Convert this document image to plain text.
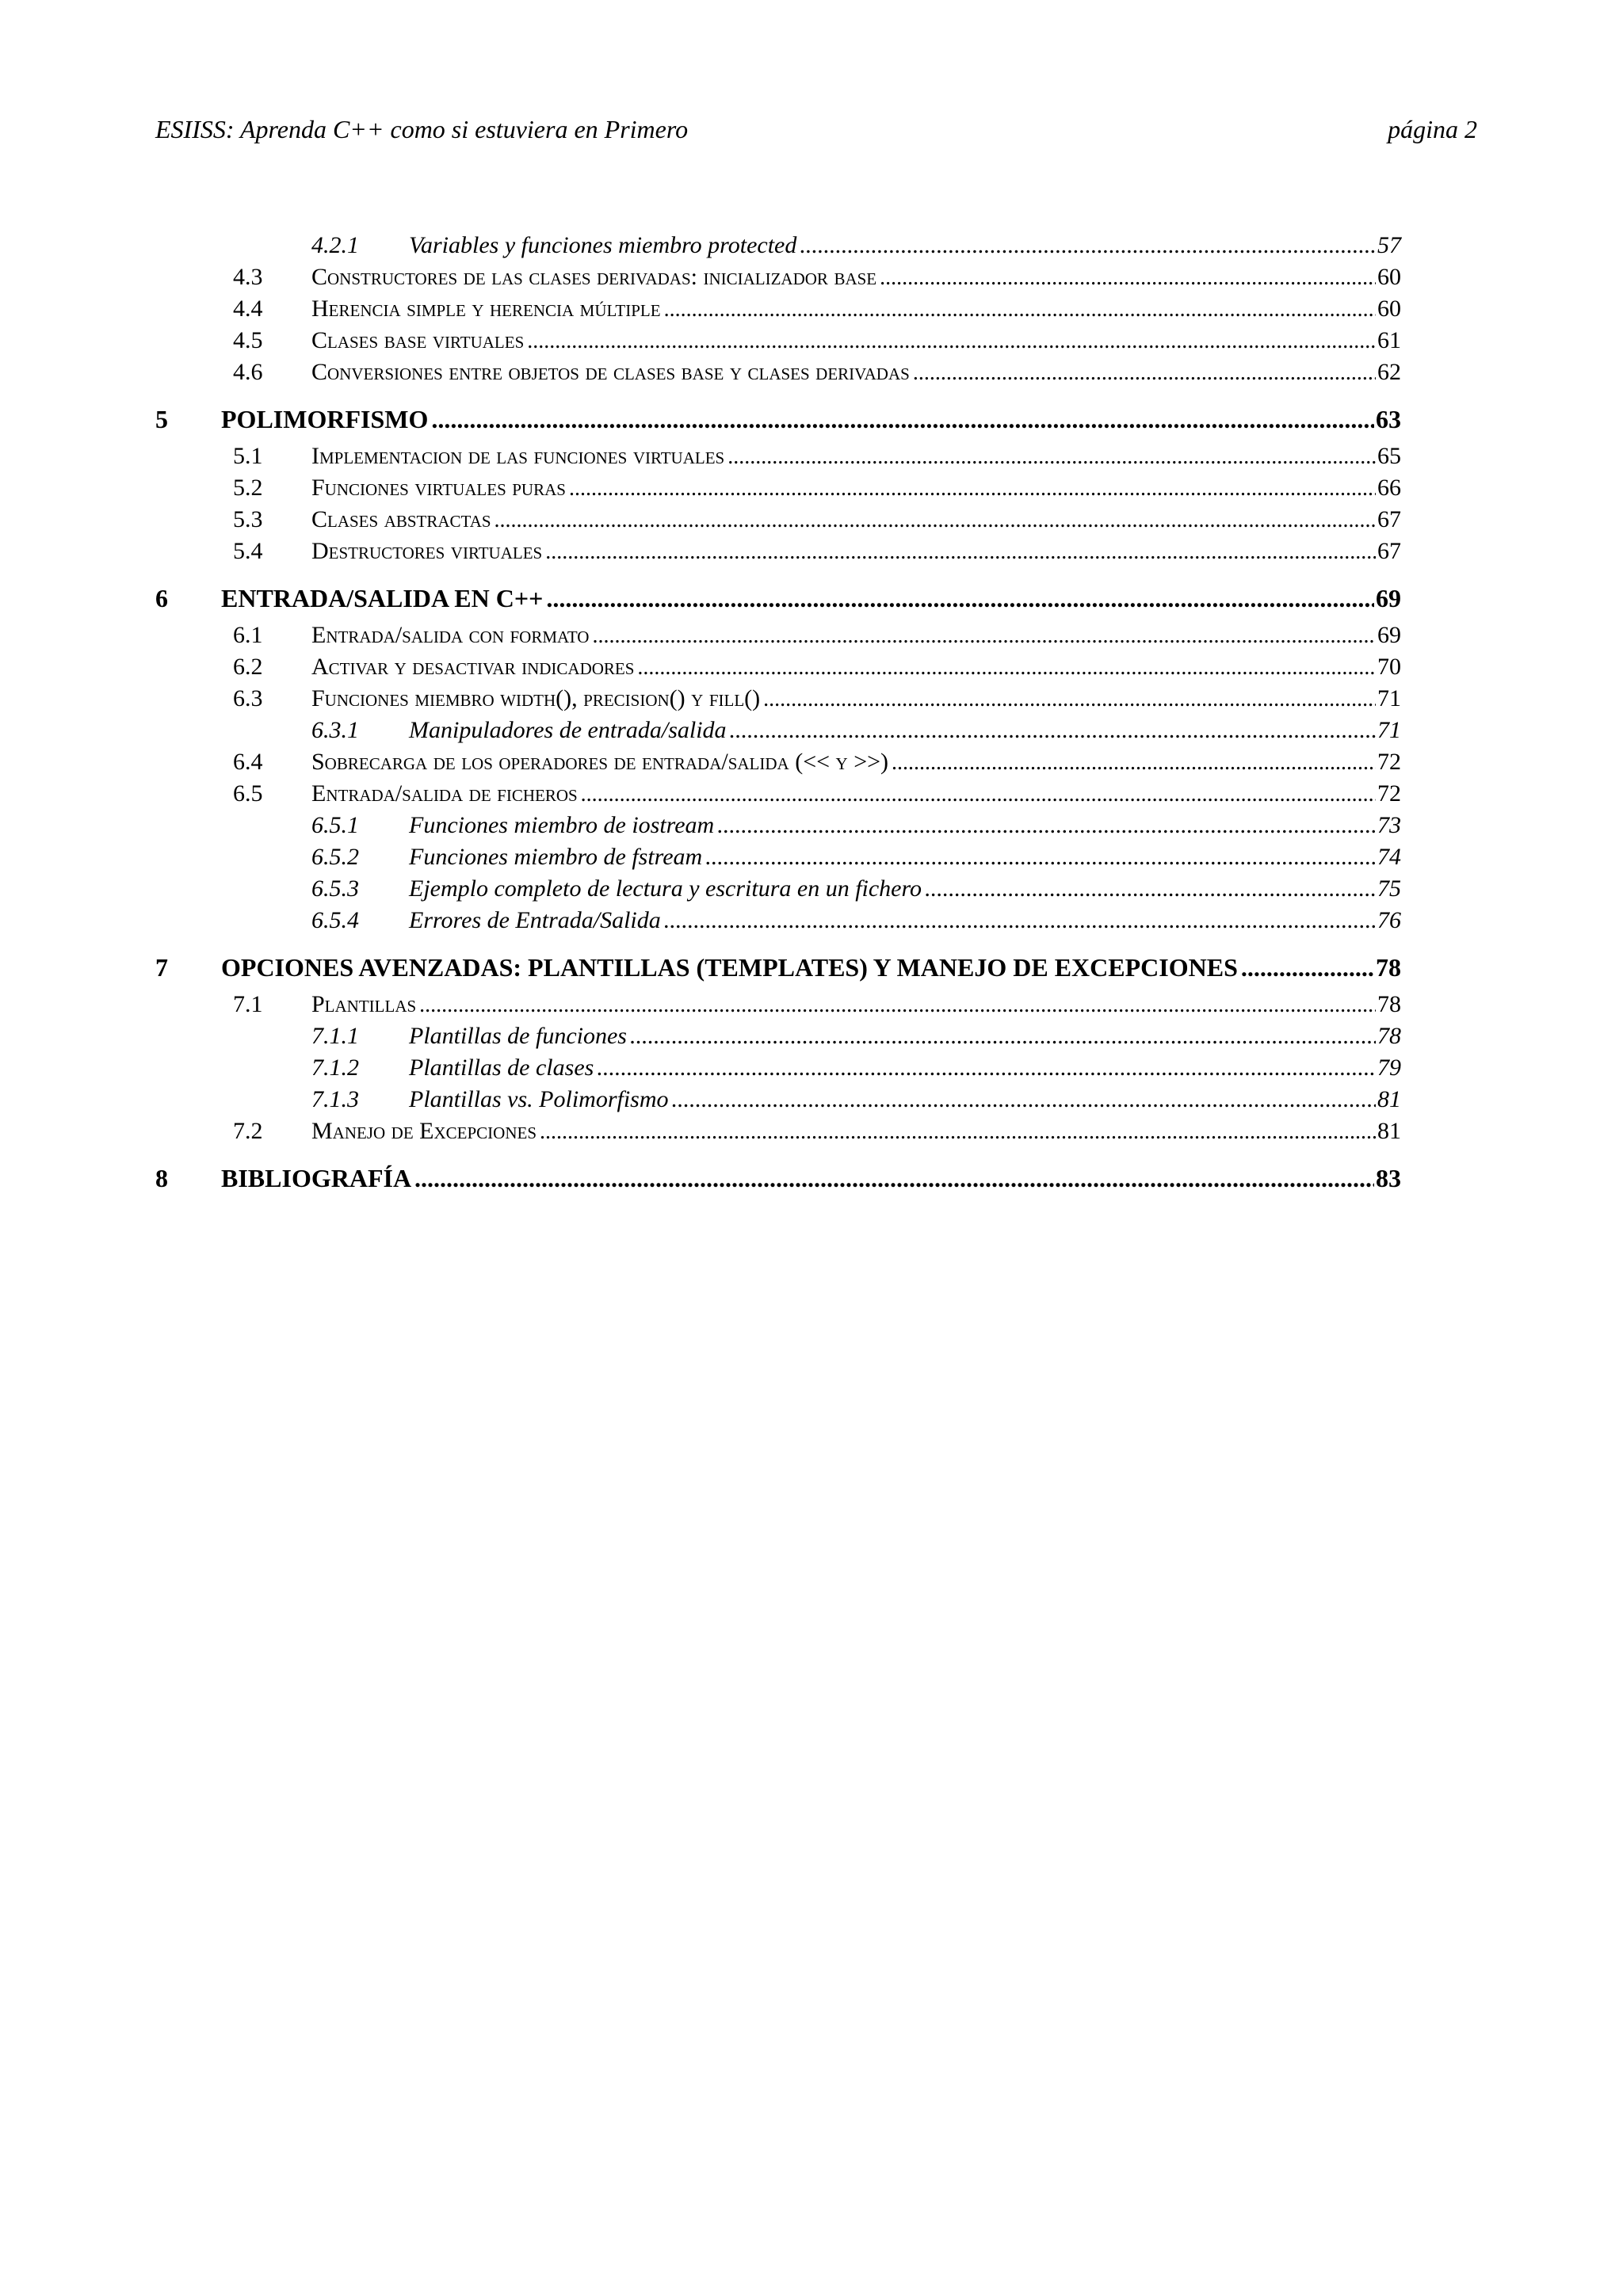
ESIISS: Aprenda C++ como si estuviera en Primero	página 2
4.2.1 Variables y funciones miembro protected .....	57
4.3 Constructores de las clases derivadas: inicializador base .....	60
4.4 Herencia simple y herencia múltiple .....	60
4.5 Clases base virtuales .....	61
4.6 Conversiones entre objetos de clases base y clases derivadas .....	62
5 POLIMORFISMO .....	63
5.1 Implementacion de las funciones virtuales .....	65
5.2 Funciones virtuales puras .....	66
5.3 Clases abstractas .....	67
5.4 Destructores virtuales .....	67
6 ENTRADA/SALIDA EN C++ .....	69
6.1 Entrada/salida con formato .....	69
6.2 Activar y desactivar indicadores .....	70
6.3 Funciones miembro width(), precision() y fill() .....	71
6.3.1 Manipuladores de entrada/salida .....	71
6.4 Sobrecarga de los operadores de entrada/salida (<< y >>) .....	72
6.5 Entrada/salida de ficheros .....	72
6.5.1 Funciones miembro de iostream .....	73
6.5.2 Funciones miembro de fstream .....	74
6.5.3 Ejemplo completo de lectura y escritura en un fichero .....	75
6.5.4 Errores de Entrada/Salida .....	76
7 OPCIONES AVENZADAS: PLANTILLAS (TEMPLATES) Y MANEJO DE EXCEPCIONES .....	78
7.1 Plantillas .....	78
7.1.1 Plantillas de funciones .....	78
7.1.2 Plantillas de clases .....	79
7.1.3 Plantillas vs. Polimorfismo .....	81
7.2 Manejo de Excepciones .....	81
8 BIBLIOGRAFÍA .....	83
